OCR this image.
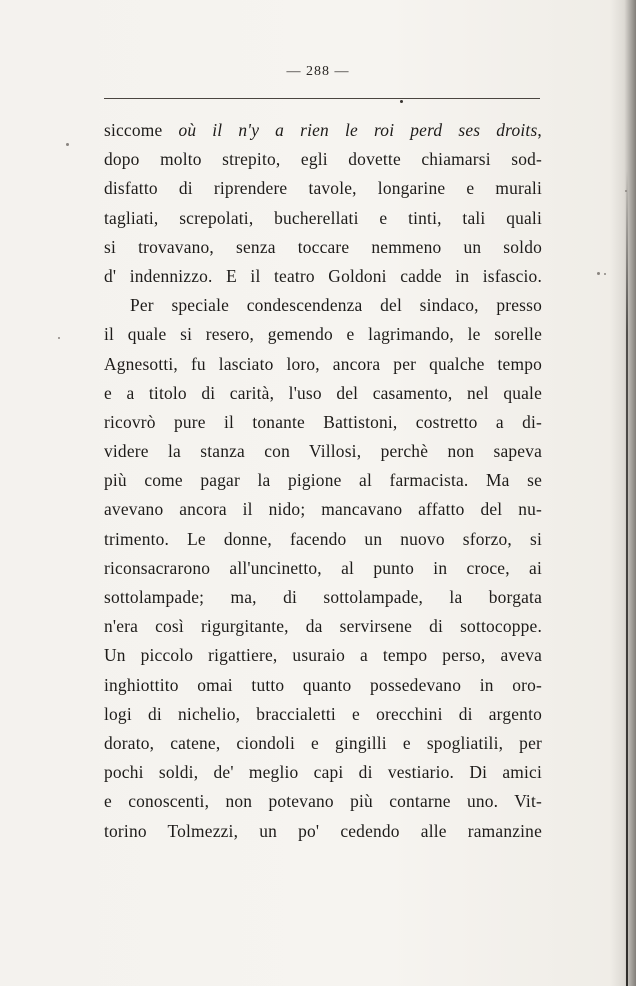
— 288 —
siccome où il n'y a rien le roi perd ses droits,
dopo molto strepito, egli dovette chiamarsi sod-
disfatto di riprendere tavole, longarine e murali
tagliati, screpolati, bucherellati e tinti, tali quali
si trovavano, senza toccare nemmeno un soldo
d' indennizzo. E il teatro Goldoni cadde in isfascio.
Per speciale condescendenza del sindaco, presso
il quale si resero, gemendo e lagrimando, le sorelle
Agnesotti, fu lasciato loro, ancora per qualche tempo
e a titolo di carità, l'uso del casamento, nel quale
ricovrò pure il tonante Battistoni, costretto a di-
videre la stanza con Villosi, perchè non sapeva
più come pagar la pigione al farmacista. Ma se
avevano ancora il nido; mancavano affatto del nu-
trimento. Le donne, facendo un nuovo sforzo, si
riconsacrarono all'uncinetto, al punto in croce, ai
sottolampade; ma, di sottolampade, la borgata
n'era così rigurgitante, da servirsene di sottocoppe.
Un piccolo rigattiere, usuraio a tempo perso, aveva
inghiottito omai tutto quanto possedevano in oro-
logi di nichelio, braccialetti e orecchini di argento
dorato, catene, ciondoli e gingilli e spogliatili, per
pochi soldi, de' meglio capi di vestiario. Di amici
e conoscenti, non potevano più contarne uno. Vit-
torino Tolmezzi, un po' cedendo alle ramanzine
